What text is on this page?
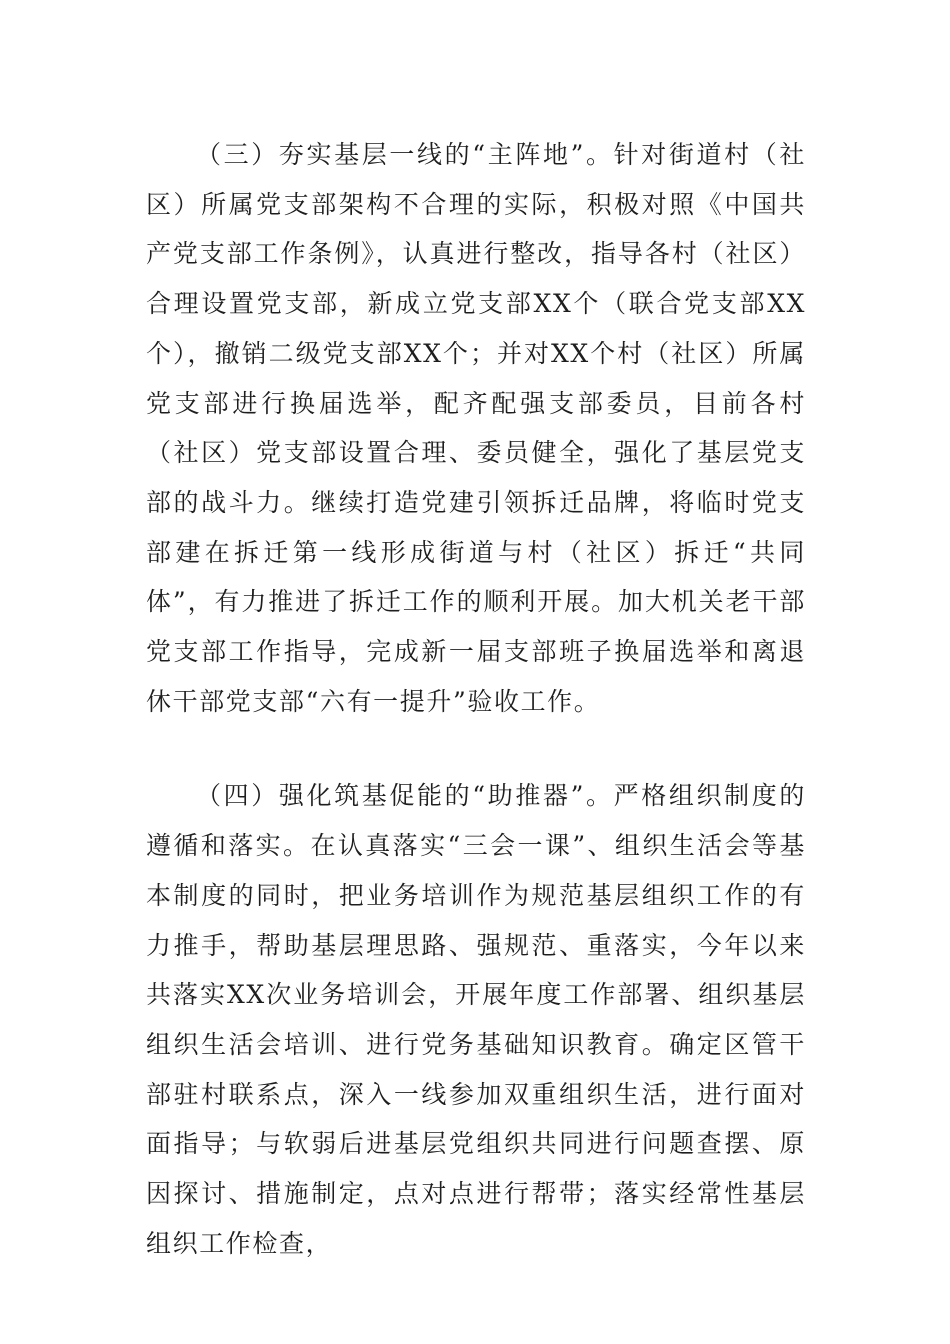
（三）夯实基层一线的“主阵地”。针对街道村（社区）所属党支部架构不合理的实际，积极对照《中国共产党支部工作条例》，认真进行整改，指导各村（社区）合理设置党支部，新成立党支部XX个（联合党支部XX个），撤销二级党支部XX个；并对XX个村（社区）所属党支部进行换届选举，配齐配强支部委员，目前各村（社区）党支部设置合理、委员健全，强化了基层党支部的战斗力。继续打造党建引领拆迁品牌，将临时党支部建在拆迁第一线形成街道与村（社区）拆迁“共同体”，有力推进了拆迁工作的顺利开展。加大机关老干部党支部工作指导，完成新一届支部班子换届选举和离退休干部党支部“六有一提升”验收工作。

（四）强化筑基促能的“助推器”。严格组织制度的遵循和落实。在认真落实“三会一课”、组织生活会等基本制度的同时，把业务培训作为规范基层组织工作的有力推手，帮助基层理思路、强规范、重落实，今年以来共落实XX次业务培训会，开展年度工作部署、组织基层组织生活会培训、进行党务基础知识教育。确定区管干部驻村联系点，深入一线参加双重组织生活，进行面对面指导；与软弱后进基层党组织共同进行问题查摆、原因探讨、措施制定，点对点进行帮带；落实经常性基层组织工作检查，
